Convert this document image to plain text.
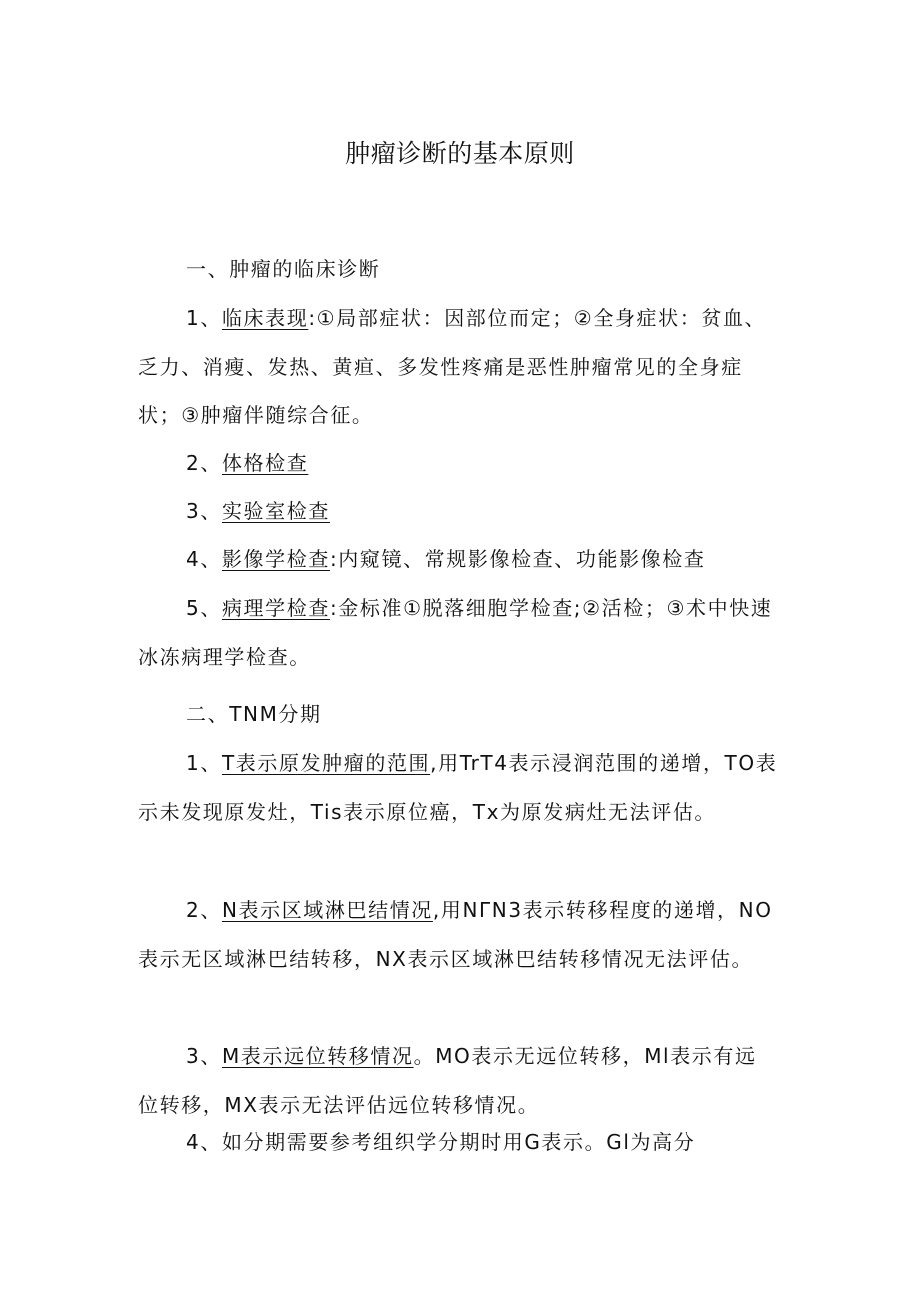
肿瘤诊断的基本原则
一、肿瘤的临床诊断
1、临床表现:①局部症状：因部位而定；②全身症状：贫血、乏力、消瘦、发热、黄疸、多发性疼痛是恶性肿瘤常见的全身症状；③肿瘤伴随综合征。
2、体格检查
3、实验室检查
4、影像学检查:内窥镜、常规影像检查、功能影像检查
5、病理学检查:金标准①脱落细胞学检查;②活检；③术中快速冰冻病理学检查。
二、TNM分期
1、T表示原发肿瘤的范围,用TrT4表示浸润范围的递增，TO表示未发现原发灶，Tis表示原位癌，Tx为原发病灶无法评估。
2、N表示区域淋巴结情况,用NΓN3表示转移程度的递增，NO表示无区域淋巴结转移，NX表示区域淋巴结转移情况无法评估。
3、M表示远位转移情况。MO表示无远位转移，Ml表示有远位转移，MX表示无法评估远位转移情况。
4、如分期需要参考组织学分期时用G表示。Gl为高分
